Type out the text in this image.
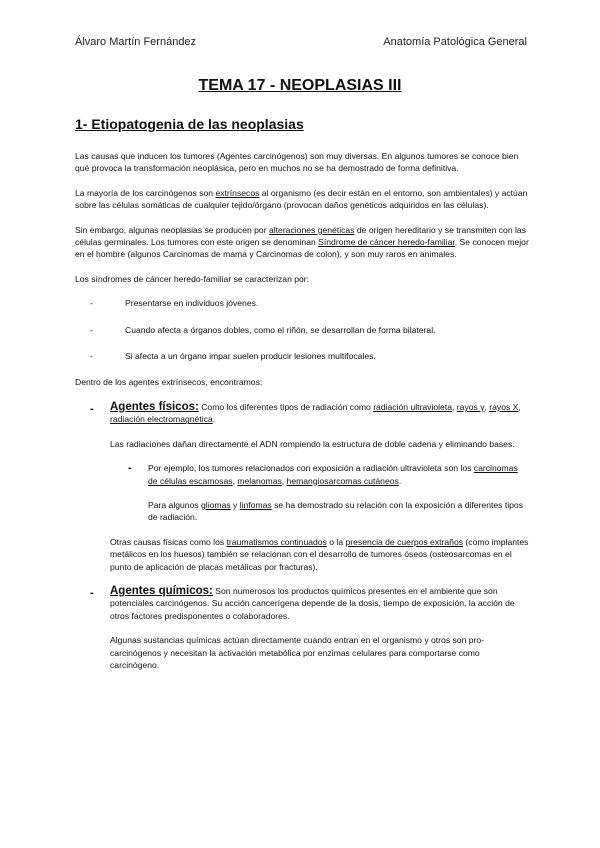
Álvaro Martín Fernández	Anatomía Patológica General
TEMA 17 - NEOPLASIAS III
1- Etiopatogenia de las neoplasias

Las causas que inducen los tumores (Agentes carcinógenos) son muy diversas. En algunos tumores se conoce bien qué provoca la transformación neoplásica, pero en muchos no se ha demostrado de forma definitiva.

La mayoría de los carcinógenos son extrínsecos al organismo (es decir están en el entorno, son ambientales) y actúan sobre las células somáticas de cualquier tejido/órgano (provocan daños genéticos adquiridos en las células).

Sin embargo, algunas neoplasias se producen por alteraciones genéticas de origen hereditario y se transmiten con las células germinales. Los tumores con este origen se denominan Síndrome de cáncer heredo-familiar. Se conocen mejor en el hombre (algunos Carcinomas de mama y Carcinomas de colon), y son muy raros en animales.

Los síndromes de cáncer heredo-familiar se caracterizan por:

-	Presentarse en individuos jóvenes.
-	Cuando afecta a órganos dobles, como el riñón, se desarrollan de forma bilateral.
-	Si afecta a un órgano impar suelen producir lesiones multifocales.

Dentro de los agentes extrínsecos, encontramos:

- Agentes físicos: Como los diferentes tipos de radiación como radiación ultravioleta, rayos γ, rayos X, radiación electromagnética.

Las radiaciones dañan directamente el ADN rompiendo la estructura de doble cadena y eliminando bases.

- Por ejemplo, los tumores relacionados con exposición a radiación ultravioleta son los carcinomas de células escamosas, melanomas, hemangiosarcomas cutáneos.

Para algunos gliomas y linfomas se ha demostrado su relación con la exposición a diferentes tipos de radiación.

Otras causas físicas como los traumatismos continuados o la presencia de cuerpos extraños (como implantes metálicos en los huesos) también se relacionan con el desarrollo de tumores óseos (osteosarcomas en el punto de aplicación de placas metálicas por fracturas).

- Agentes químicos: Son numerosos los productos químicos presentes en el ambiente que son potenciales carcinógenos. Su acción cancerígena depende de la dosis, tiempo de exposición, la acción de otros factores predisponentes o colaboradores.

Algunas sustancias químicas actúan directamente cuando entran en el organismo y otros son pro-carcinógenos y necesitan la activación metabólica por enzimas celulares para comportarse como carcinógeno.
